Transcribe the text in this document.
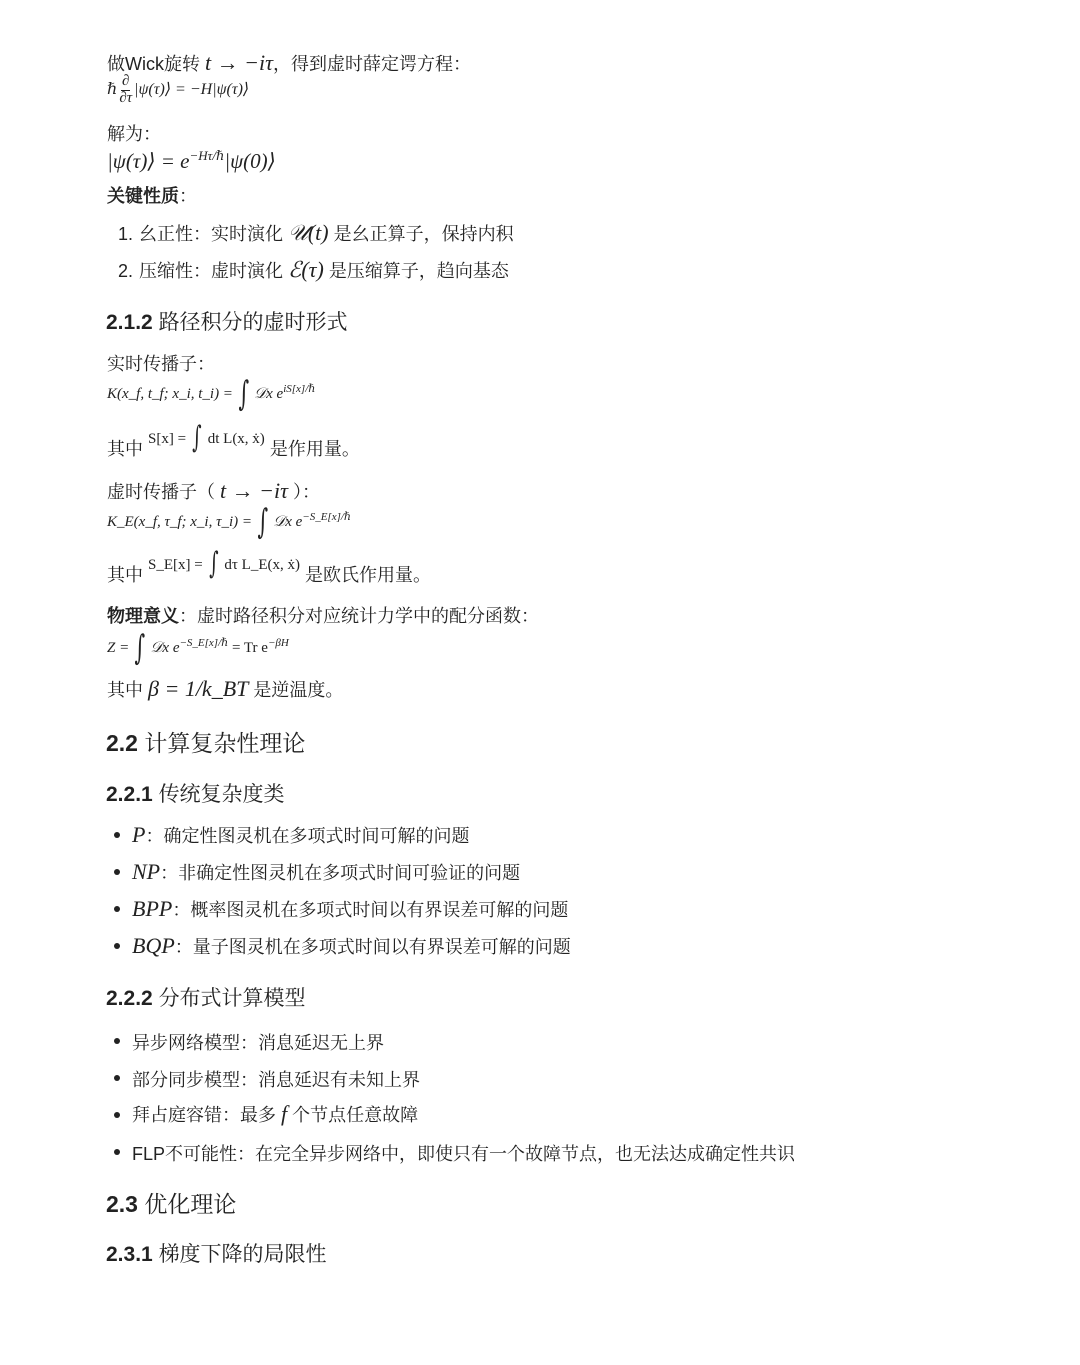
做Wick旋转 t → −iτ，得到虚时薛定谔方程：
ℏ $\frac{\partial}{\partial\tau}$ |ψ(τ)⟩ = −H|ψ(τ)⟩
解为：
|ψ(τ)⟩ = $e^{-H\tau/\hbar}|\psi(0)⟩$
关键性质：
1. 幺正性：实时演化 𝒰(t) 是幺正算子，保持内积
2. 压缩性：虚时演化 ℰ(τ) 是压缩算子，趋向基态
2.1.2 路径积分的虚时形式
实时传播子：
K(x_f, t_f; x_i, t_i) = ∫ 𝒟x $e^{iS[x]/\hbar}$
其中 S[x] = ∫ dt L(x, ẋ) 是作用量。
虚时传播子（ t → −iτ ）：
K_E(x_f, τ_f; x_i, τ_i) = ∫ 𝒟x $e^{-S\_E[x]/\hbar}$
其中 S_E[x] = ∫ dτ L_E(x, ẋ) 是欧氏作用量。
物理意义：虚时路径积分对应统计力学中的配分函数：
Z = ∫ 𝒟x $e^{-S\_E[x]/\hbar} = Tr$ $e^{-\beta H}$
其中 β = 1/k_BT 是逆温度。
2.2 计算复杂性理论
2.2.1 传统复杂度类
P：确定性图灵机在多项式时间可解的问题
NP：非确定性图灵机在多项式时间可验证的问题
BPP：概率图灵机在多项式时间以有界误差可解的问题
BQP：量子图灵机在多项式时间以有界误差可解的问题
2.2.2 分布式计算模型
异步网络模型：消息延迟无上界
部分同步模型：消息延迟有未知上界
拜占庭容错：最多 f 个节点任意故障
FLP不可能性：在完全异步网络中，即使只有一个故障节点，也无法达成确定性共识
2.3 优化理论
2.3.1 梯度下降的局限性
